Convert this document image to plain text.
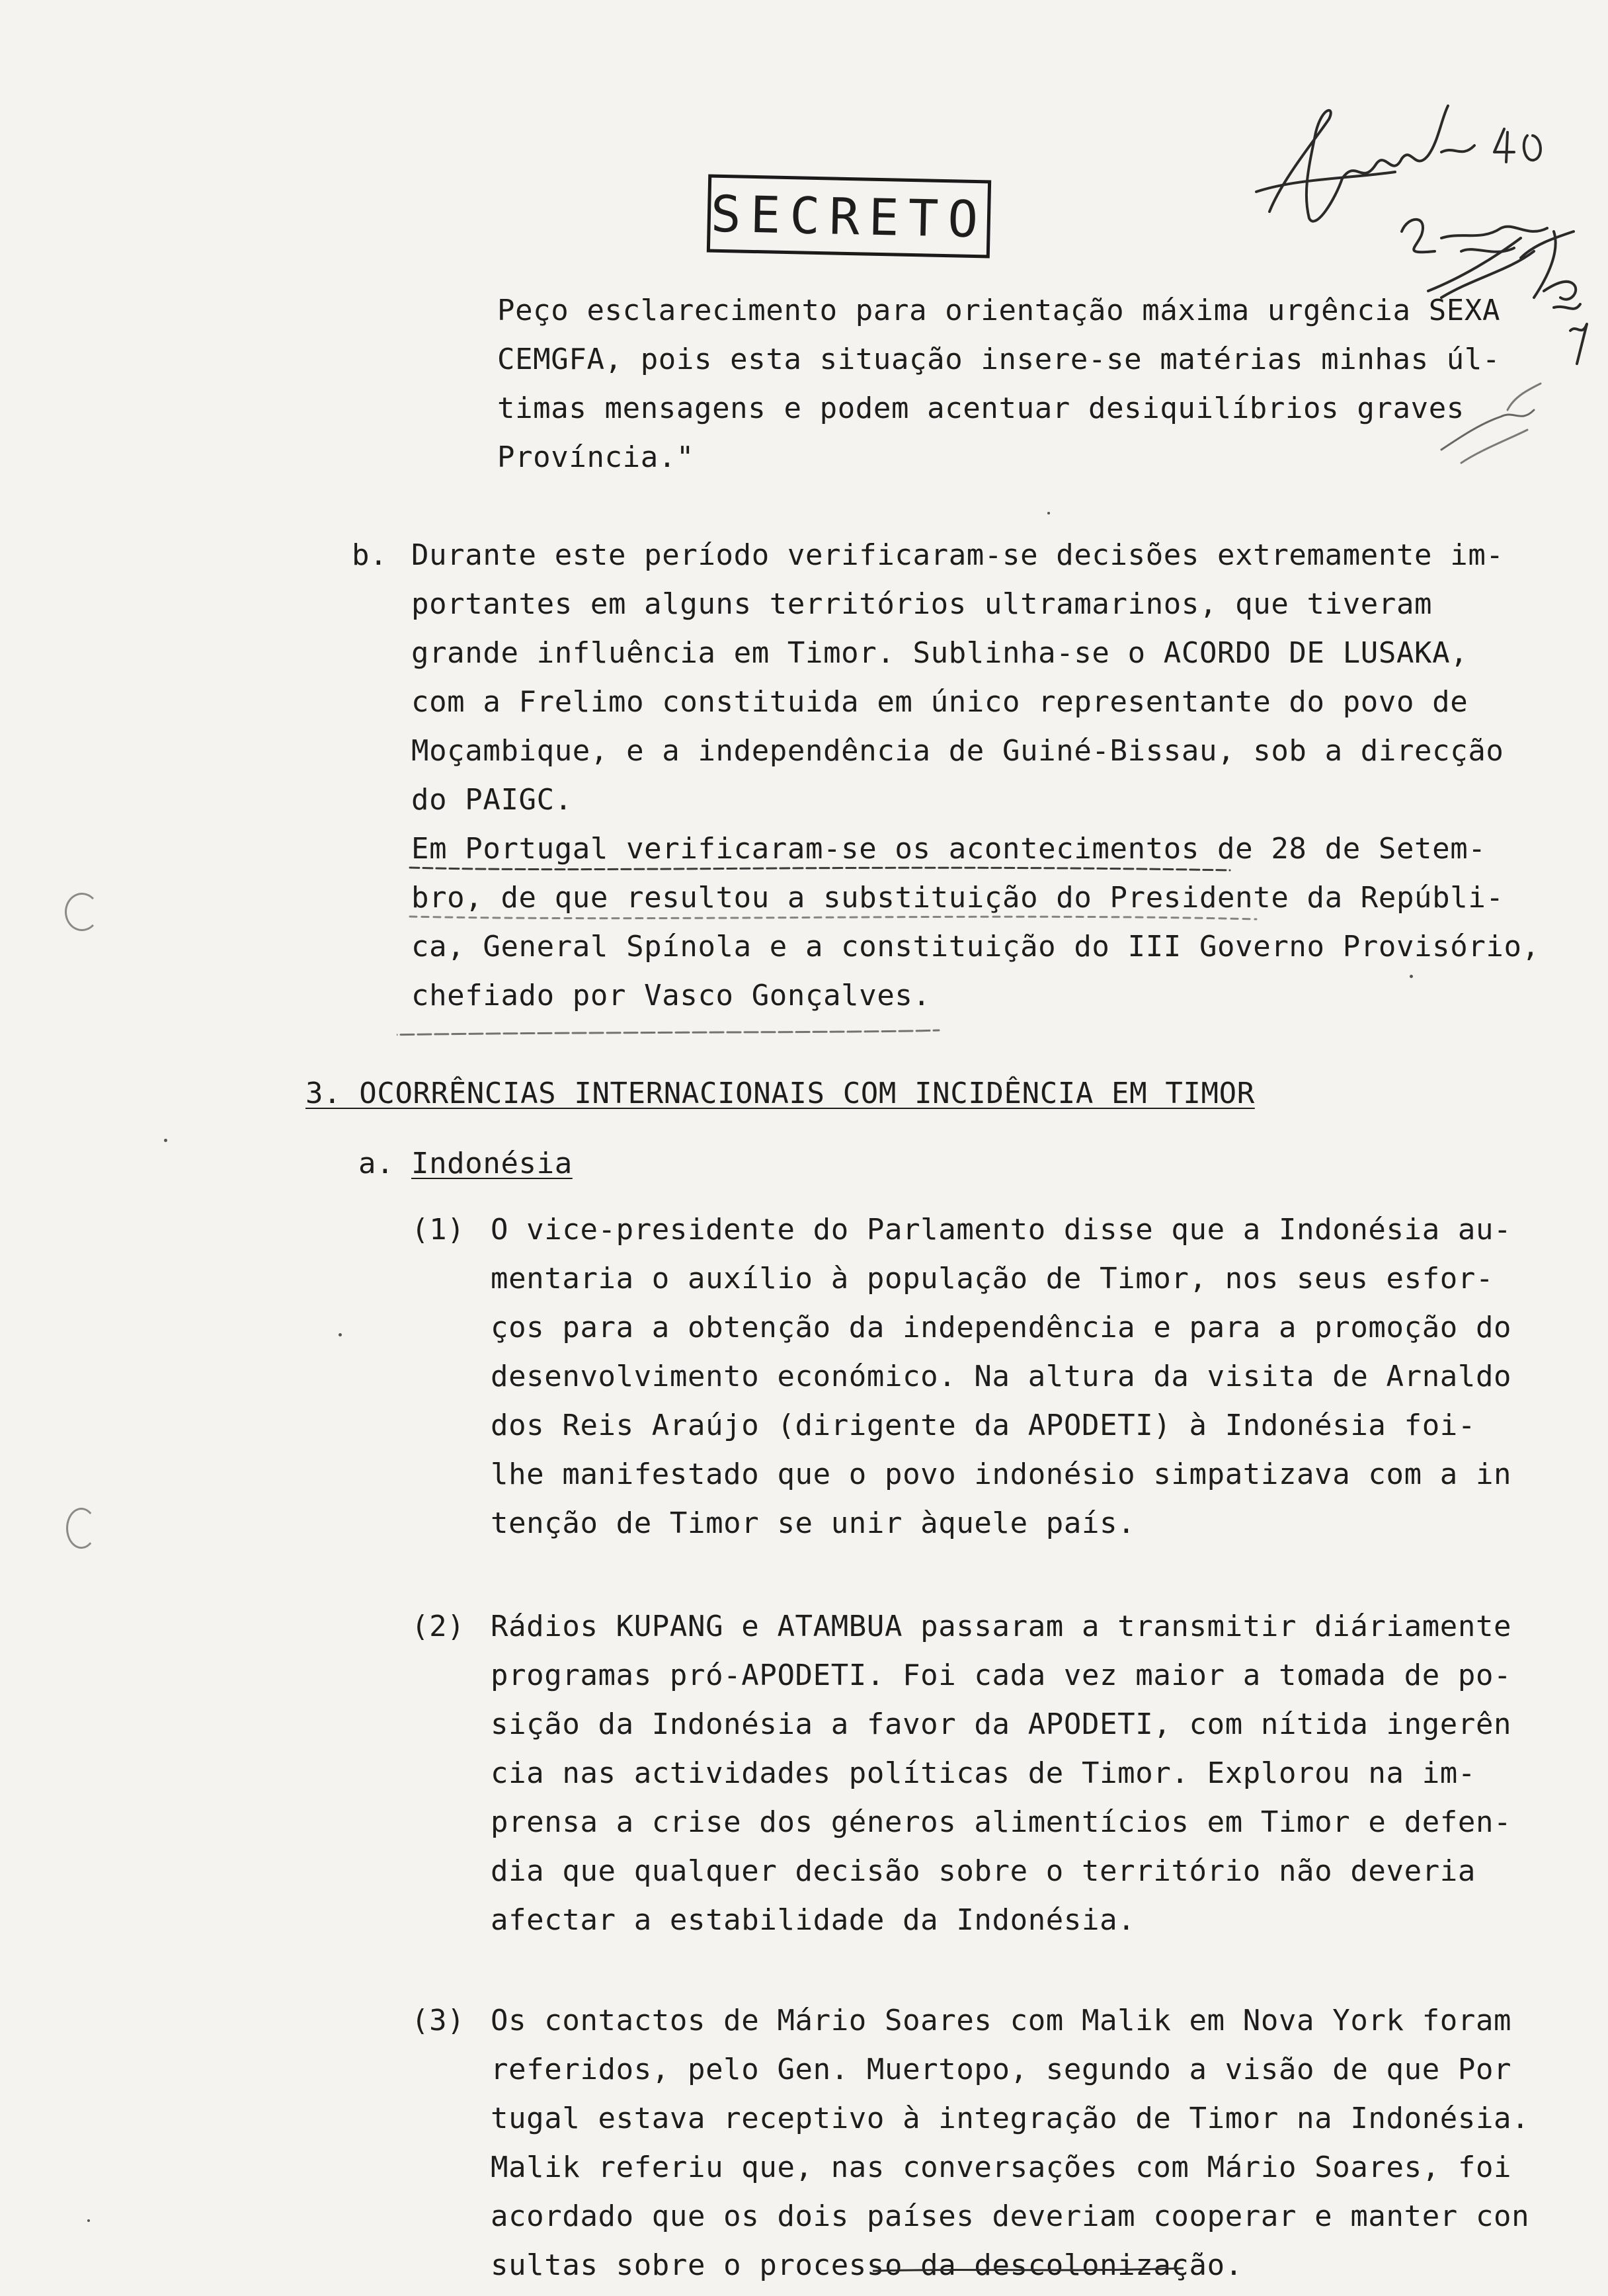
SECRETO
Peço esclarecimento para orientação máxima urgência SEXA
CEMGFA, pois esta situação insere-se matérias minhas úl-
timas mensagens e podem acentuar desiquilíbrios graves
Província."
b. Durante este período verificaram-se decisões extremamente im-
portantes em alguns territórios ultramarinos, que tiveram
grande influência em Timor. Sublinha-se o ACORDO DE LUSAKA,
com a Frelimo constituida em único representante do povo de
Moçambique, e a independência de Guiné-Bissau, sob a direcção
do PAIGC.
Em Portugal verificaram-se os acontecimentos de 28 de Setem-
bro, de que resultou a substituição do Presidente da Repúbli-
ca, General Spínola e a constituição do III Governo Provisório,
chefiado por Vasco Gonçalves.
3. OCORRÊNCIAS INTERNACIONAIS COM INCIDÊNCIA EM TIMOR
a. Indonésia
(1) O vice-presidente do Parlamento disse que a Indonésia au-
mentaria o auxílio à população de Timor, nos seus esfor-
ços para a obtenção da independência e para a promoção do
desenvolvimento económico. Na altura da visita de Arnaldo
dos Reis Araújo (dirigente da APODETI) à Indonésia foi-
lhe manifestado que o povo indonésio simpatizava com a in
tenção de Timor se unir àquele país.
(2) Rádios KUPANG e ATAMBUA passaram a transmitir diáriamente
programas pró-APODETI. Foi cada vez maior a tomada de po-
sição da Indonésia a favor da APODETI, com nítida ingerên
cia nas actividades políticas de Timor. Explorou na im-
prensa a crise dos géneros alimentícios em Timor e defen-
dia que qualquer decisão sobre o território não deveria
afectar a estabilidade da Indonésia.
(3) Os contactos de Mário Soares com Malik em Nova York foram
referidos, pelo Gen. Muertopo, segundo a visão de que Por
tugal estava receptivo à integração de Timor na Indonésia.
Malik referiu que, nas conversações com Mário Soares, foi
acordado que os dois países deveriam cooperar e manter con
sultas sobre o processo da descolonização.
